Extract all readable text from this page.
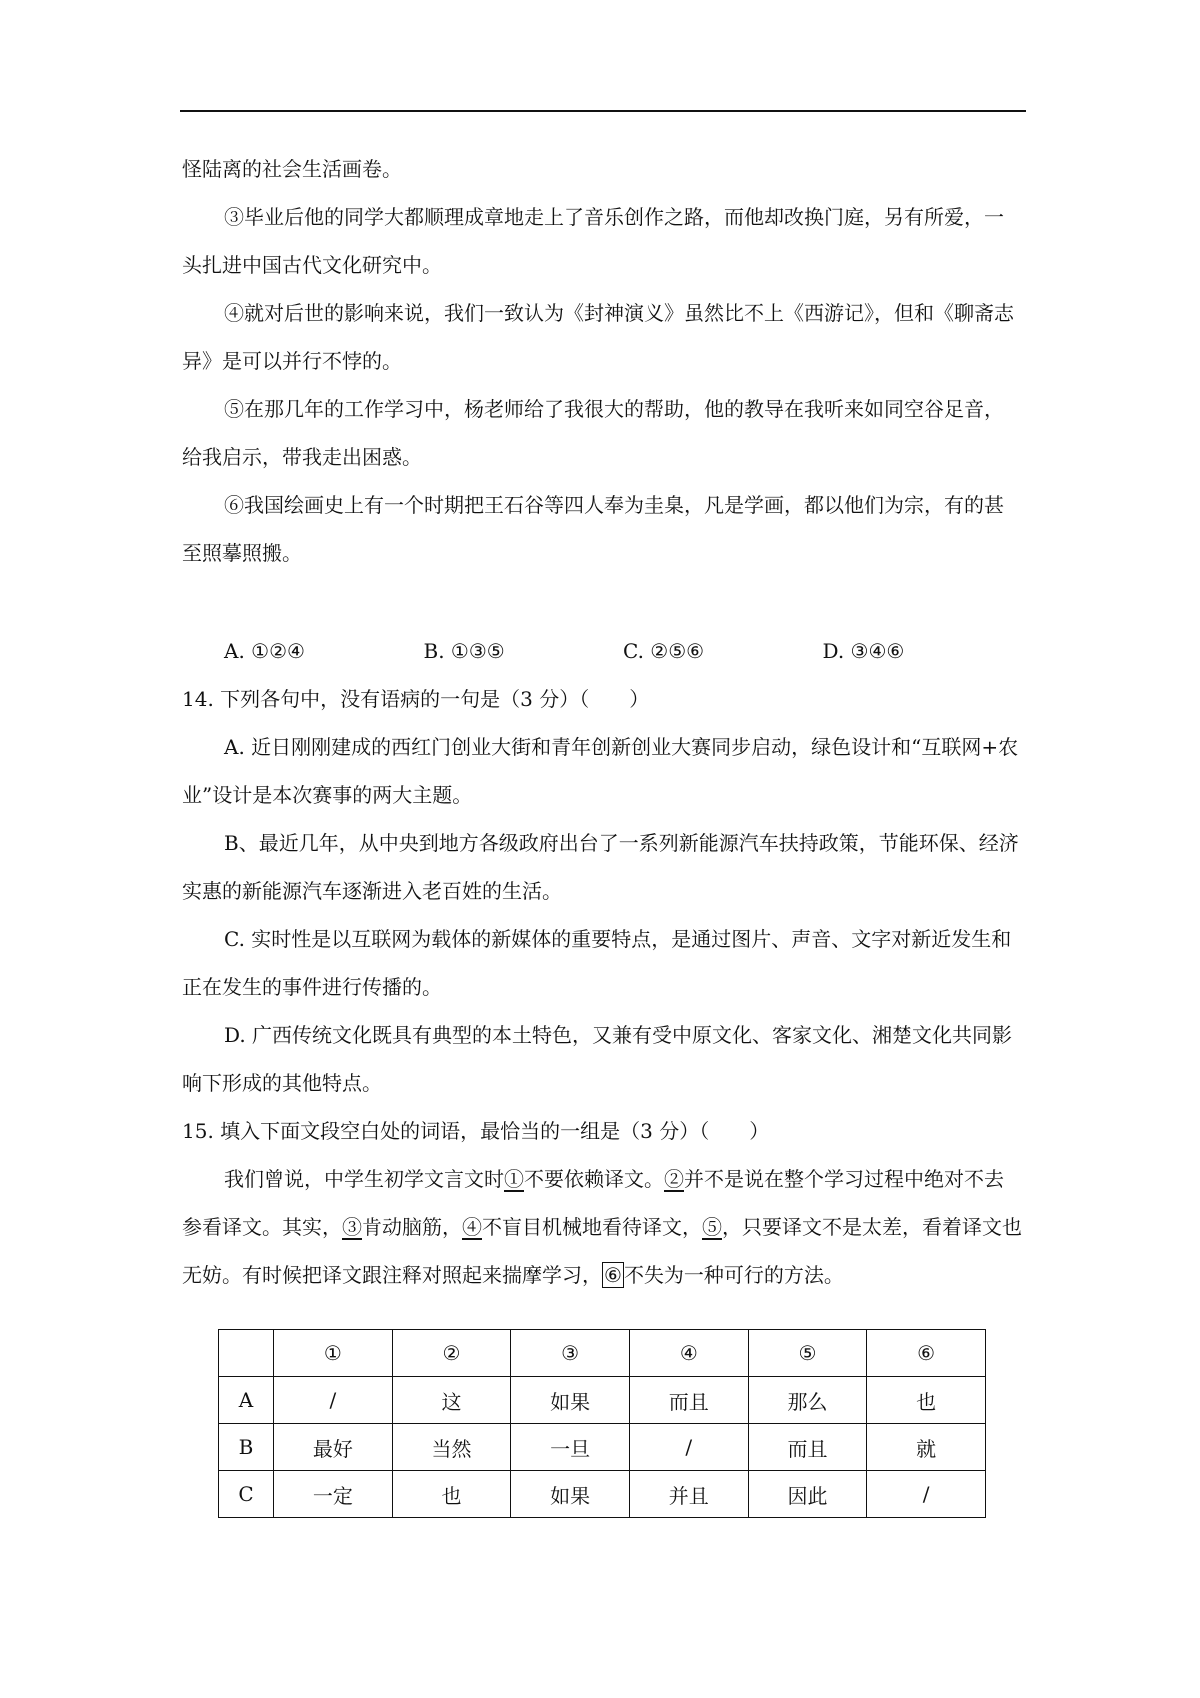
怪陆离的社会生活画卷。

③毕业后他的同学大都顺理成章地走上了音乐创作之路，而他却改换门庭，另有所爱，一头扎进中国古代文化研究中。

④就对后世的影响来说，我们一致认为《封神演义》虽然比不上《西游记》，但和《聊斋志异》是可以并行不悖的。

⑤在那几年的工作学习中，杨老师给了我很大的帮助，他的教导在我听来如同空谷足音，给我启示，带我走出困惑。

⑥我国绘画史上有一个时期把王石谷等四人奉为圭臬，凡是学画，都以他们为宗，有的甚至照摹照搬。

A. ①②④	B. ①③⑤	C. ②⑤⑥	D. ③④⑥

14. 下列各句中，没有语病的一句是（3 分）（　　）

A. 近日刚刚建成的西红门创业大街和青年创新创业大赛同步启动，绿色设计和“互联网+农业”设计是本次赛事的两大主题。

B、最近几年，从中央到地方各级政府出台了一系列新能源汽车扶持政策，节能环保、经济实惠的新能源汽车逐渐进入老百姓的生活。

C. 实时性是以互联网为载体的新媒体的重要特点，是通过图片、声音、文字对新近发生和正在发生的事件进行传播的。

D. 广西传统文化既具有典型的本土特色，又兼有受中原文化、客家文化、湘楚文化共同影响下形成的其他特点。

15. 填入下面文段空白处的词语，最恰当的一组是（3 分）（　　）

我们曾说，中学生初学文言文时①不要依赖译文。②并不是说在整个学习过程中绝对不去参看译文。其实，③肯动脑筋，④不盲目机械地看待译文，⑤，只要译文不是太差，看着译文也无妨。有时候把译文跟注释对照起来揣摩学习， ⑥ 不失为一种可行的方法。

	①	②	③	④	⑤	⑥
A	/	这	如果	而且	那么	也
B	最好	当然	一旦	/	而且	就
C	一定	也	如果	并且	因此	/
